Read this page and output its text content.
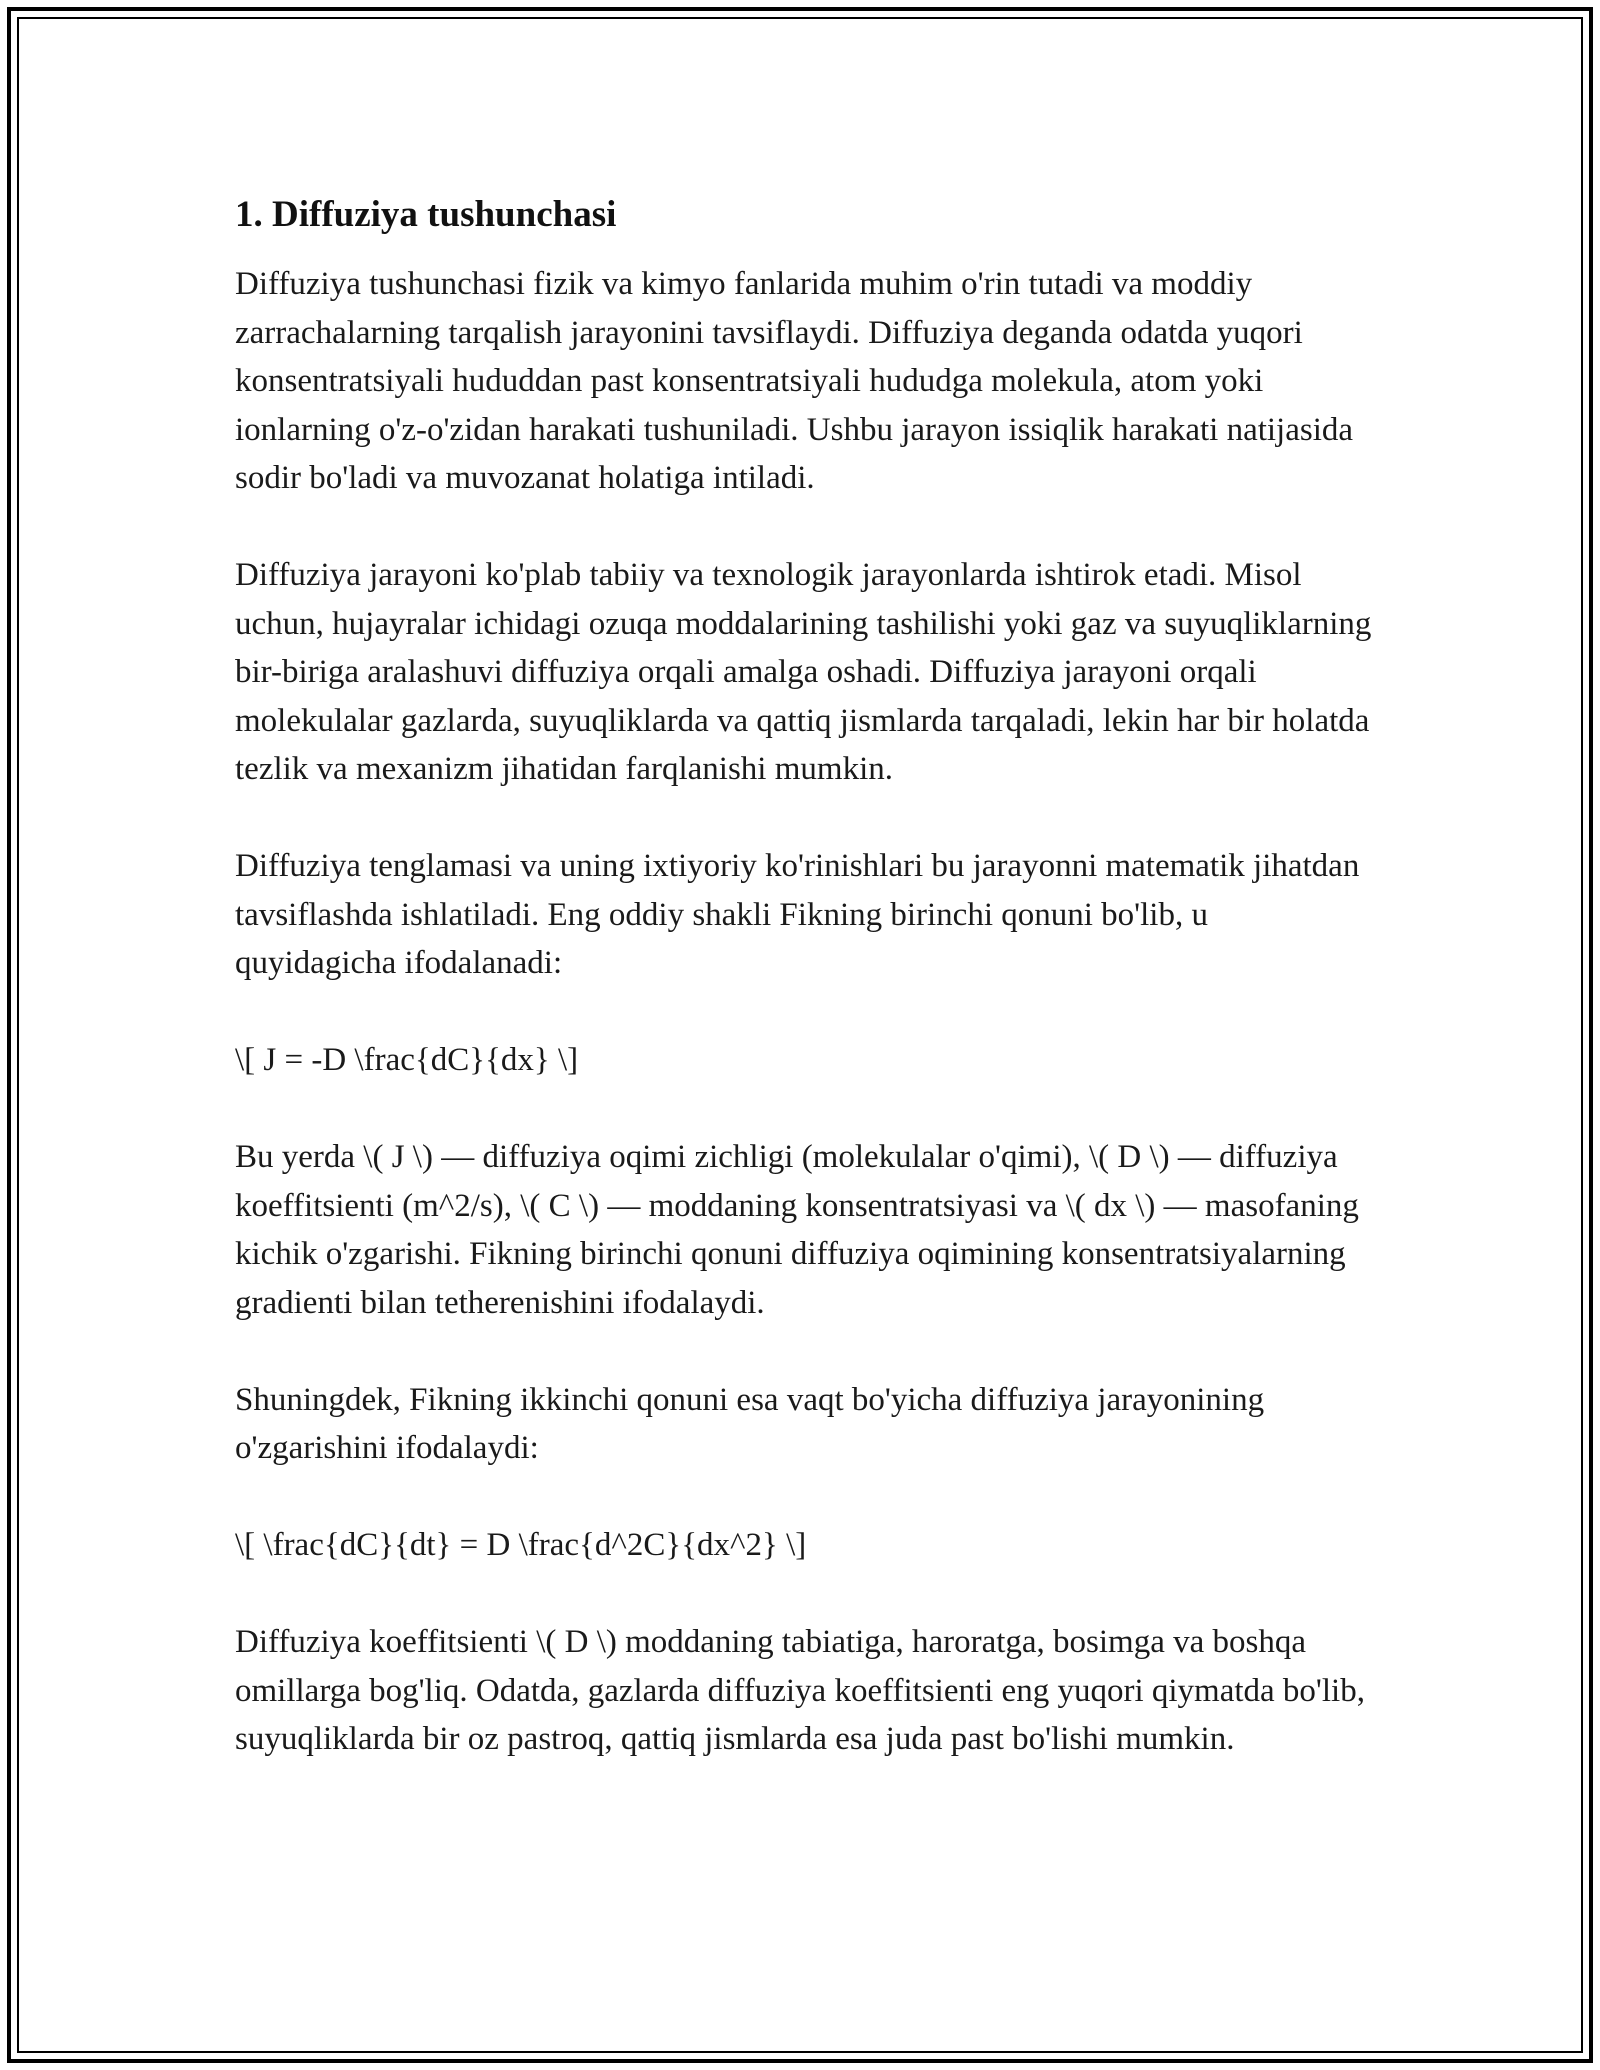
1. Diffuziya tushunchasi

Diffuziya tushunchasi fizik va kimyo fanlarida muhim o'rin tutadi va moddiy zarrachalarning tarqalish jarayonini tavsiflaydi. Diffuziya deganda odatda yuqori konsentratsiyali hududdan past konsentratsiyali hududga molekula, atom yoki ionlarning o'z-o'zidan harakati tushuniladi. Ushbu jarayon issiqlik harakati natijasida sodir bo'ladi va muvozanat holatiga intiladi.

Diffuziya jarayoni ko'plab tabiiy va texnologik jarayonlarda ishtirok etadi. Misol uchun, hujayralar ichidagi ozuqa moddalarining tashilishi yoki gaz va suyuqliklarning bir-biriga aralashuvi diffuziya orqali amalga oshadi. Diffuziya jarayoni orqali molekulalar gazlarda, suyuqliklarda va qattiq jismlarda tarqaladi, lekin har bir holatda tezlik va mexanizm jihatidan farqlanishi mumkin.

Diffuziya tenglamasi va uning ixtiyoriy ko'rinishlari bu jarayonni matematik jihatdan tavsiflashda ishlatiladi. Eng oddiy shakli Fikning birinchi qonuni bo'lib, u quyidagicha ifodalanadi:

\[ J = -D \frac{dC}{dx} \]

Bu yerda \( J \) — diffuziya oqimi zichligi (molekulalar o'qimi), \( D \) — diffuziya koeffitsienti (m^2/s), \( C \) — moddaning konsentratsiyasi va \( dx \) — masofaning kichik o'zgarishi. Fikning birinchi qonuni diffuziya oqimining konsentratsiyalarning gradienti bilan tetherenishini ifodalaydi.

Shuningdek, Fikning ikkinchi qonuni esa vaqt bo'yicha diffuziya jarayonining o'zgarishini ifodalaydi:

\[ \frac{dC}{dt} = D \frac{d^2C}{dx^2} \]

Diffuziya koeffitsienti \( D \) moddaning tabiatiga, haroratga, bosimga va boshqa omillarga bog'liq. Odatda, gazlarda diffuziya koeffitsienti eng yuqori qiymatda bo'lib, suyuqliklarda bir oz pastroq, qattiq jismlarda esa juda past bo'lishi mumkin.
